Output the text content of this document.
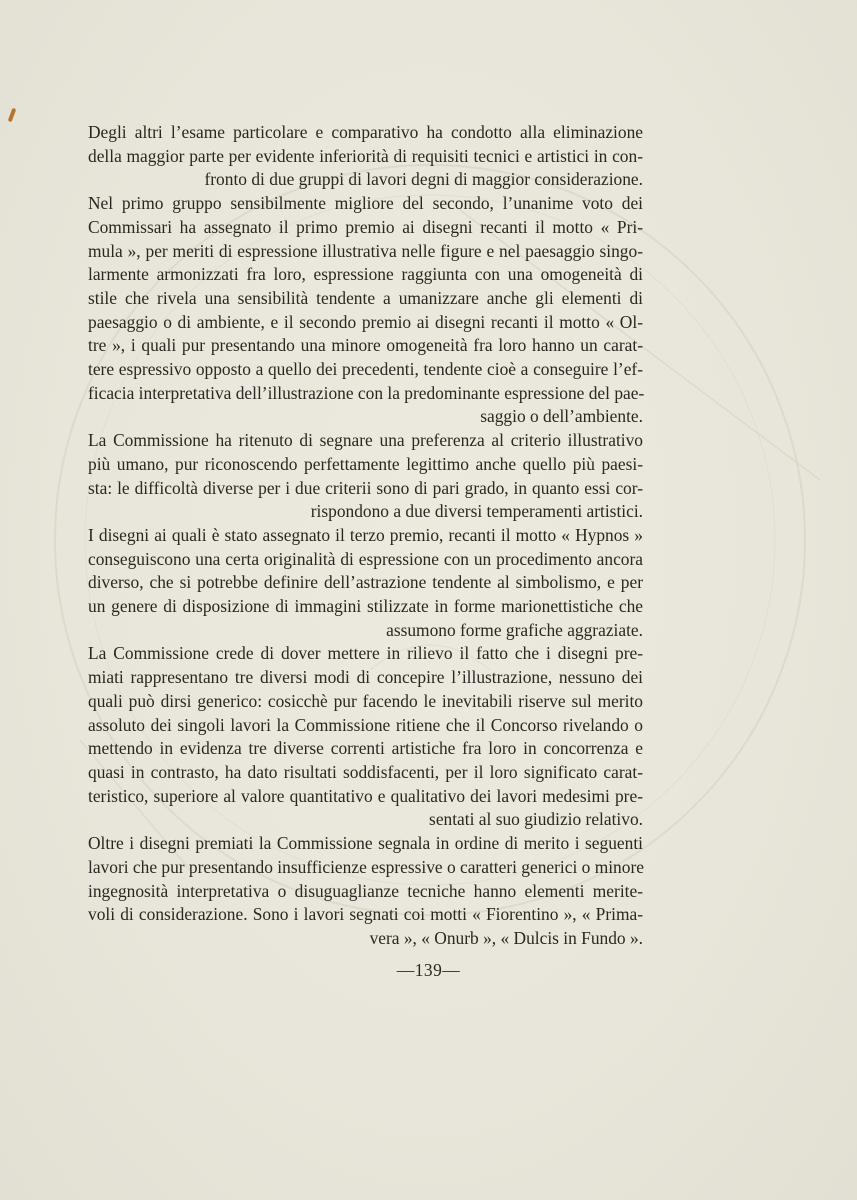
Degli altri l’esame particolare e comparativo ha condotto alla eliminazione
della maggior parte per evidente inferiorità di requisiti tecnici e artistici in con-
fronto di due gruppi di lavori degni di maggior considerazione.
Nel primo gruppo sensibilmente migliore del secondo, l’unanime voto dei
Commissari ha assegnato il primo premio ai disegni recanti il motto « Pri-
mula », per meriti di espressione illustrativa nelle figure e nel paesaggio singo-
larmente armonizzati fra loro, espressione raggiunta con una omogeneità di
stile che rivela una sensibilità tendente a umanizzare anche gli elementi di
paesaggio o di ambiente, e il secondo premio ai disegni recanti il motto « Ol-
tre », i quali pur presentando una minore omogeneità fra loro hanno un carat-
tere espressivo opposto a quello dei precedenti, tendente cioè a conseguire l’ef-
ficacia interpretativa dell’illustrazione con la predominante espressione del pae-
saggio o dell’ambiente.
La Commissione ha ritenuto di segnare una preferenza al criterio illustrativo
più umano, pur riconoscendo perfettamente legittimo anche quello più paesi-
sta: le difficoltà diverse per i due criterii sono di pari grado, in quanto essi cor-
rispondono a due diversi temperamenti artistici.
I disegni ai quali è stato assegnato il terzo premio, recanti il motto « Hypnos »
conseguiscono una certa originalità di espressione con un procedimento ancora
diverso, che si potrebbe definire dell’astrazione tendente al simbolismo, e per
un genere di disposizione di immagini stilizzate in forme marionettistiche che
assumono forme grafiche aggraziate.
La Commissione crede di dover mettere in rilievo il fatto che i disegni pre-
miati rappresentano tre diversi modi di concepire l’illustrazione, nessuno dei
quali può dirsi generico: cosicchè pur facendo le inevitabili riserve sul merito
assoluto dei singoli lavori la Commissione ritiene che il Concorso rivelando o
mettendo in evidenza tre diverse correnti artistiche fra loro in concorrenza e
quasi in contrasto, ha dato risultati soddisfacenti, per il loro significato carat-
teristico, superiore al valore quantitativo e qualitativo dei lavori medesimi pre-
sentati al suo giudizio relativo.
Oltre i disegni premiati la Commissione segnala in ordine di merito i seguenti
lavori che pur presentando insufficienze espressive o caratteri generici o minore
ingegnosità interpretativa o disuguaglianze tecniche hanno elementi merite-
voli di considerazione. Sono i lavori segnati coi motti « Fiorentino », « Prima-
vera », « Onurb », « Dulcis in Fundo ».
—139—
